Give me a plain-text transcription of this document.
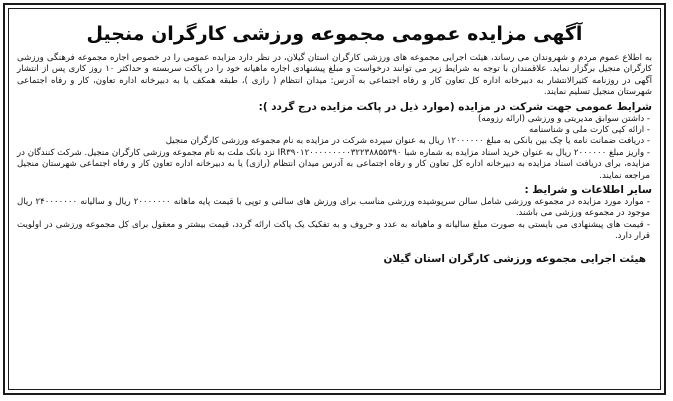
آگهی مزایده عمومی مجموعه ورزشی کارگران منجیل

به اطلاع عموم مردم و شهروندان می رساند، هیئت اجرایی مجموعه های ورزشی کارگران استان گیلان، در نظر دارد مزایده عمومی را در خصوص اجاره مجموعه فرهنگی ورزشی کارگران منجیل برگزار نماید. علاقمندان با توجه به شرایط زیر می توانند درخواست و مبلغ پیشنهادی اجاره ماهیانه خود را در پاکت سربسته و حداکثر ۱۰ روز کاری پس از انتشار آگهی در روزنامه کثیرالانتشار به دبیرخانه اداره کل تعاون کار و رفاه اجتماعی به آدرس: میدان انتظام ( رازی )، طبقه همکف یا به دبیرخانه اداره تعاون، کار و رفاه اجتماعی شهرستان منجیل تسلیم نمایند.

شرایط عمومی جهت شرکت در مزایده (موارد ذیل در پاکت مزایده درج گردد ):

- داشتن سوابق مدیریتی و ورزشی (ارائه رزومه)

- ارائه کپی کارت ملی و شناسنامه

- دریافت ضمانت نامه یا چک بین بانکی به مبلغ ۱۲۰۰۰۰۰۰ ریال به عنوان سپرده شرکت در مزایده به نام مجموعه ورزشی کارگران منجیل

- واریز مبلغ ۲۰۰۰۰۰۰ ریال به عنوان خرید اسناد مزایده به شماره شبا IR۳۹۰۱۲۰۰۰۰۰۰۰۰۰۳۲۲۳۸۸۵۵۳۹۰ نزد بانک ملت به نام مجموعه ورزشی کارگران منجیل. شرکت کنندگان در مزایده، برای دریافت اسناد مزایده به دبیرخانه اداره کل تعاون کار و رفاه اجتماعی به آدرس میدان انتظام (رازی) یا به دبیرخانه اداره تعاون کار و رفاه اجتماعی شهرستان منجیل مراجعه نمایند.

سایر اطلاعات و شرایط :

- موارد مورد مزایده در مجموعه ورزشی شامل سالن سرپوشیده ورزشی مناسب برای ورزش های سالنی و توپی با قیمت پایه ماهانه ۲۰۰۰۰۰۰۰ ریال و سالیانه ۲۴۰۰۰۰۰۰۰ ریال موجود در مجموعه ورزشی می باشند.

- قیمت های پیشنهادی می بایستی به صورت مبلغ سالیانه و ماهیانه به عدد و حروف و به تفکیک یک پاکت ارائه گردد، قیمت بیشتر و معقول برای کل مجموعه ورزشی در اولویت قرار دارد.

هیئت اجرایی مجموعه ورزشی کارگران استان گیلان
